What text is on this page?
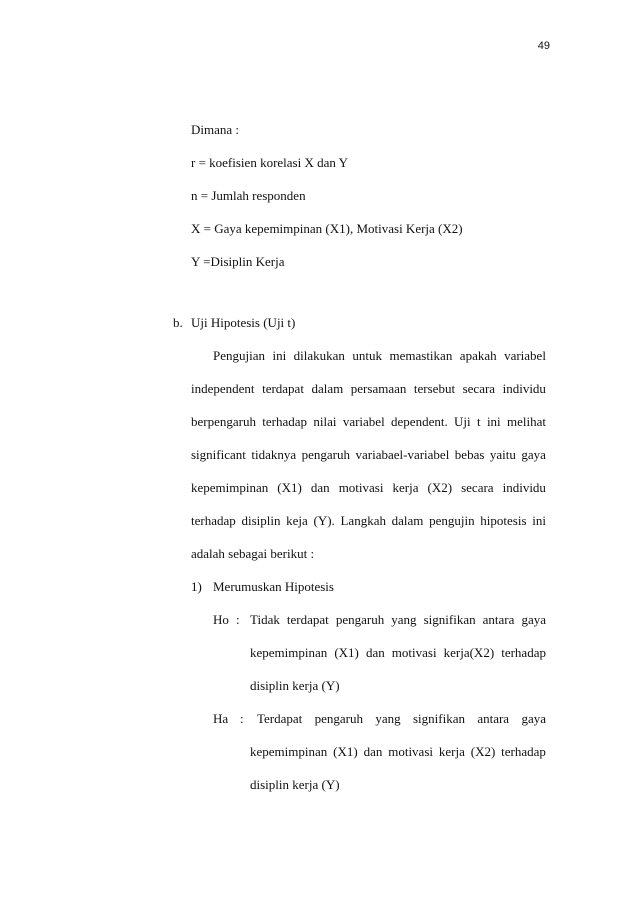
49
Dimana :
r = koefisien korelasi X dan Y
n = Jumlah responden
X = Gaya kepemimpinan (X1), Motivasi Kerja (X2)
Y =Disiplin Kerja
b. Uji Hipotesis (Uji t)
Pengujian ini dilakukan untuk memastikan apakah variabel
independent terdapat dalam persamaan tersebut secara individu
berpengaruh terhadap nilai variabel dependent. Uji t ini melihat
significant tidaknya pengaruh variabael-variabel bebas yaitu gaya
kepemimpinan (X1) dan motivasi kerja (X2) secara individu
terhadap disiplin keja (Y). Langkah dalam pengujin hipotesis ini
adalah sebagai berikut :
1) Merumuskan Hipotesis
Ho : Tidak terdapat pengaruh yang signifikan antara gaya
kepemimpinan (X1) dan motivasi kerja(X2) terhadap
disiplin kerja (Y)
Ha : Terdapat pengaruh yang signifikan antara gaya
kepemimpinan (X1) dan motivasi kerja (X2) terhadap
disiplin kerja (Y)
